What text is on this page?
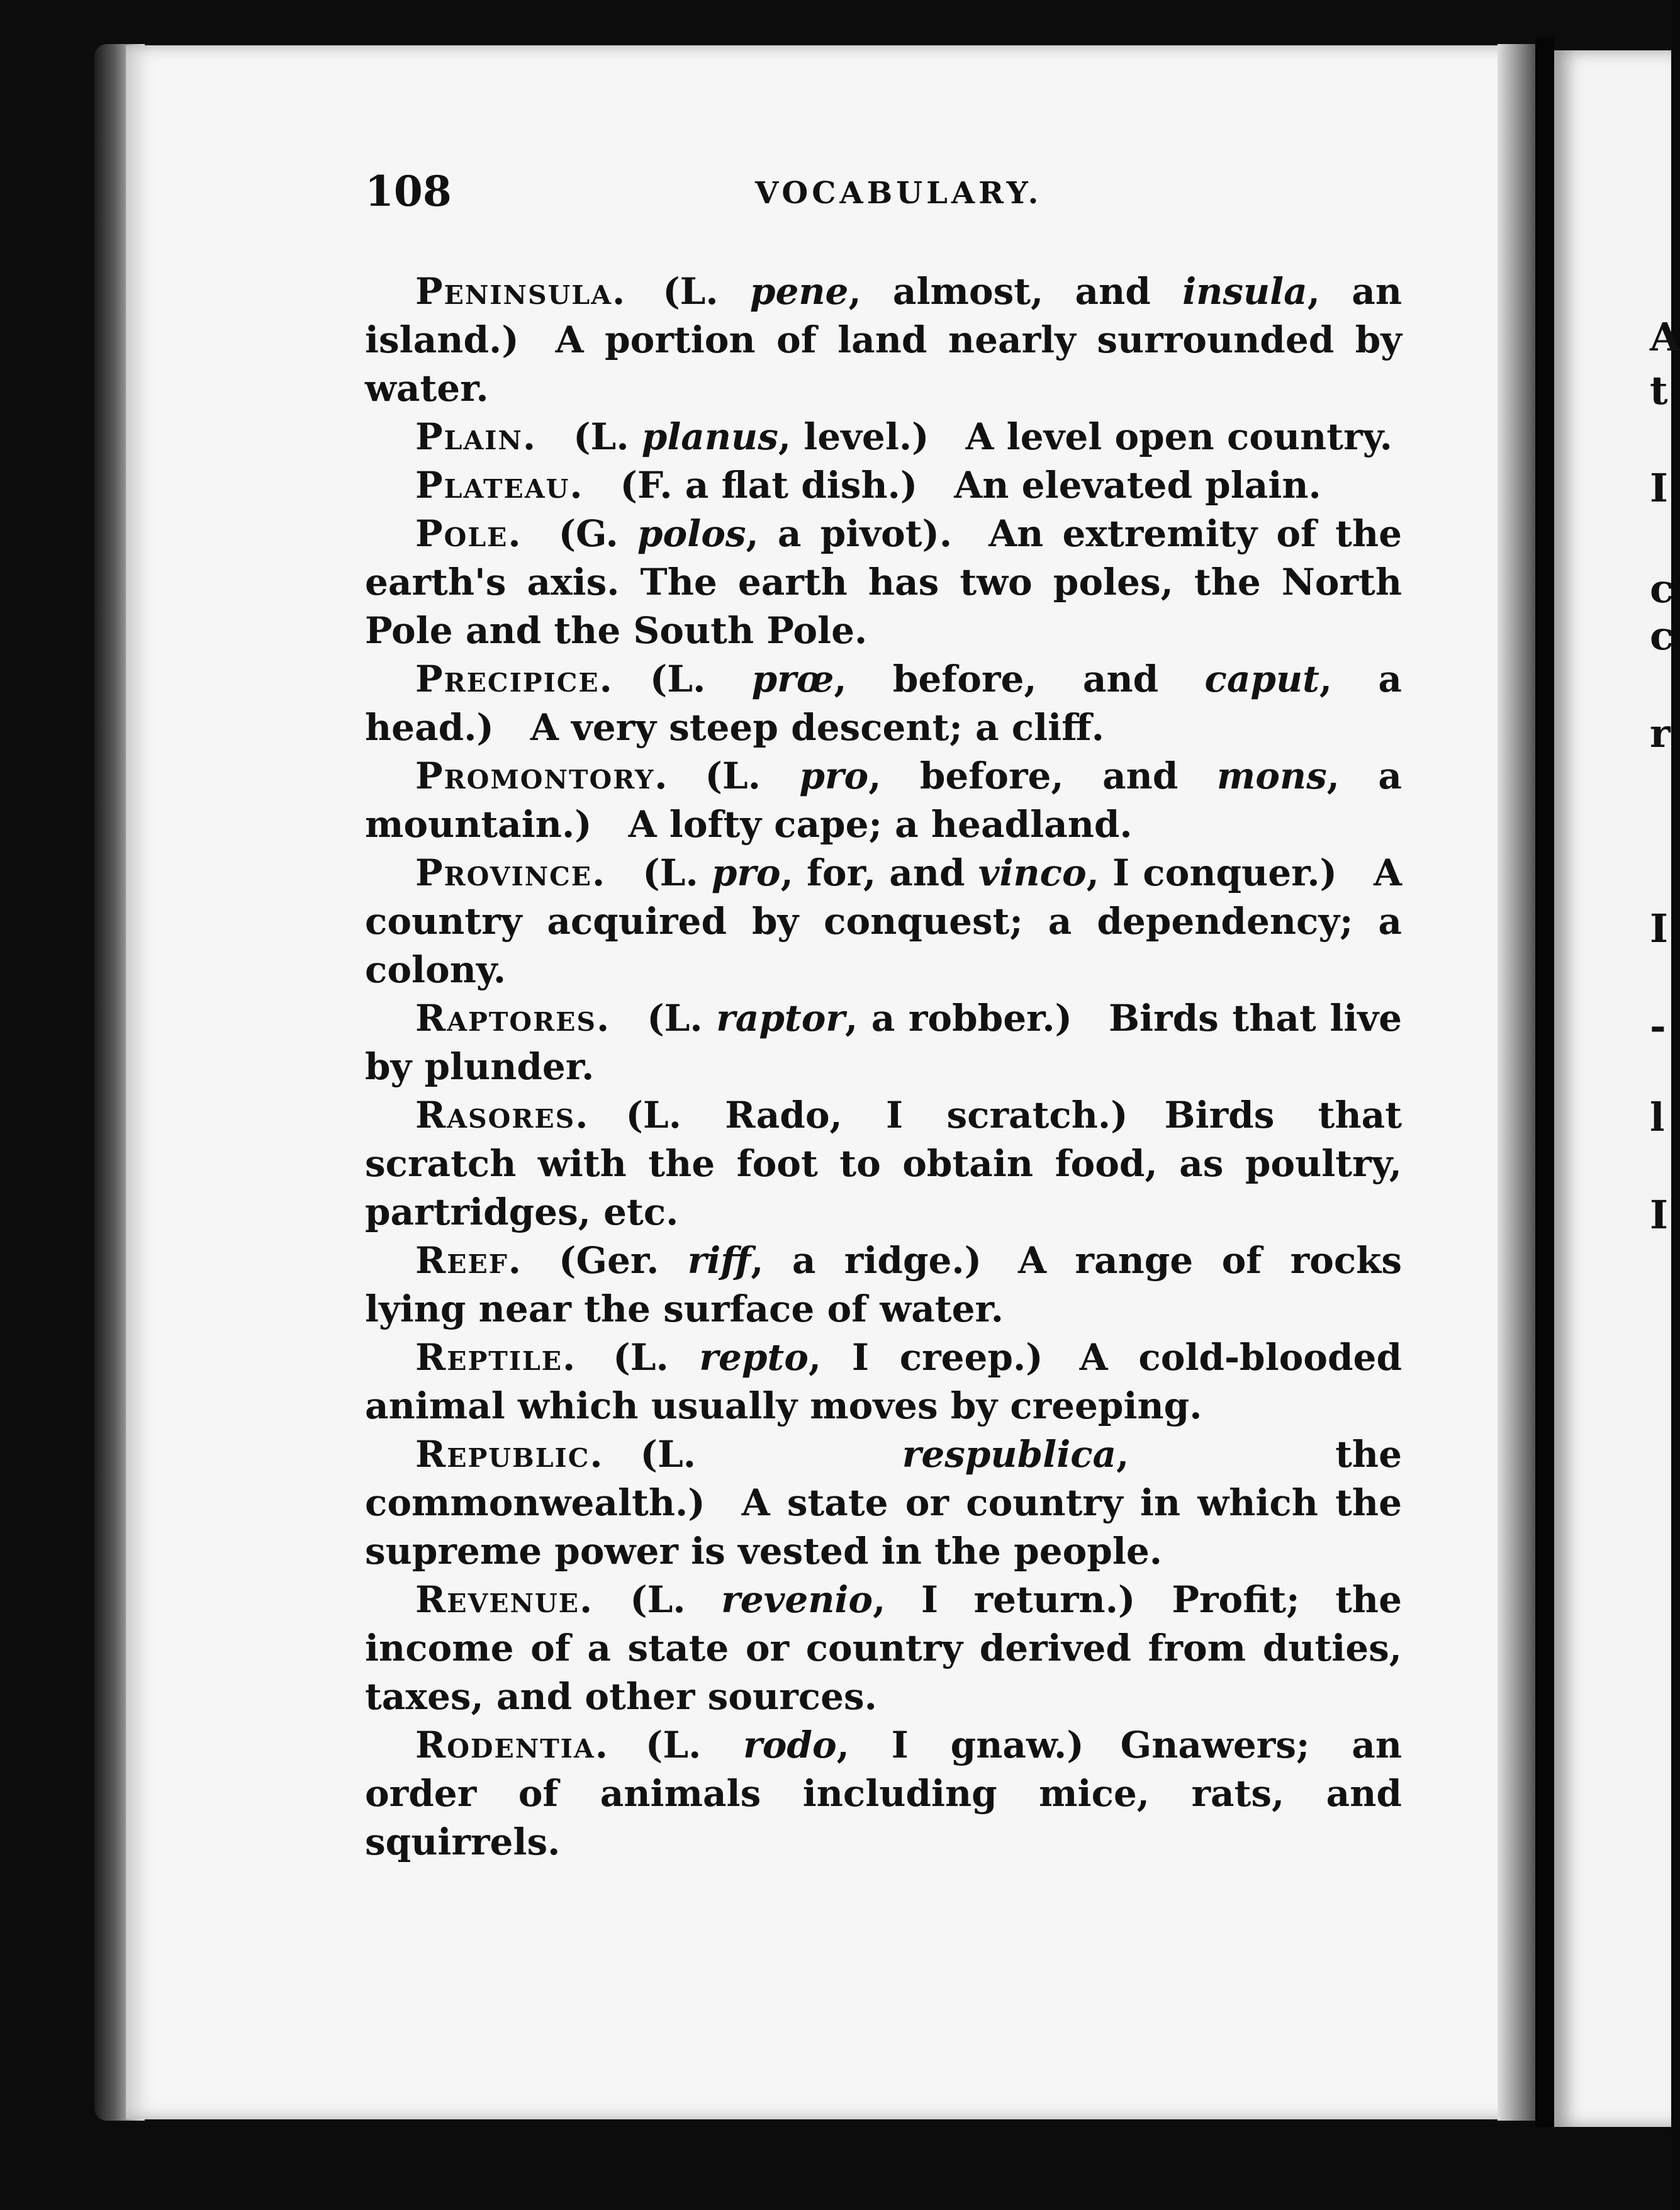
A
t
I
c
c
r
I
-
l
I
108	VOCABULARY.

Peninsula.  (L. pene, almost, and insula, an island.)  A portion of land nearly surrounded by water.

Plain.  (L. planus, level.)  A level open country.

Plateau.  (F. a flat dish.)  An elevated plain.

Pole.  (G. polos, a pivot).  An extremity of the earth's axis. The earth has two poles, the North Pole and the South Pole.

Precipice.  (L. prœ, before, and caput, a head.)  A very steep descent; a cliff.

Promontory.  (L. pro, before, and mons, a mountain.)  A lofty cape; a headland.

Province.  (L. pro, for, and vinco, I conquer.)  A country acquired by conquest; a dependency; a colony.

Raptores.  (L. raptor, a robber.)  Birds that live by plunder.

Rasores.  (L. Rado, I scratch.)  Birds that scratch with the foot to obtain food, as poultry, partridges, etc.

Reef.  (Ger. riff, a ridge.)  A range of rocks lying near the surface of water.

Reptile.  (L. repto, I creep.)  A cold-blooded animal which usually moves by creeping.

Republic.  (L. respublica, the commonwealth.)  A state or country in which the supreme power is vested in the people.

Revenue.  (L. revenio, I return.)  Profit; the income of a state or country derived from duties, taxes, and other sources.

Rodentia.  (L. rodo, I gnaw.)  Gnawers; an order of animals including mice, rats, and squirrels.
